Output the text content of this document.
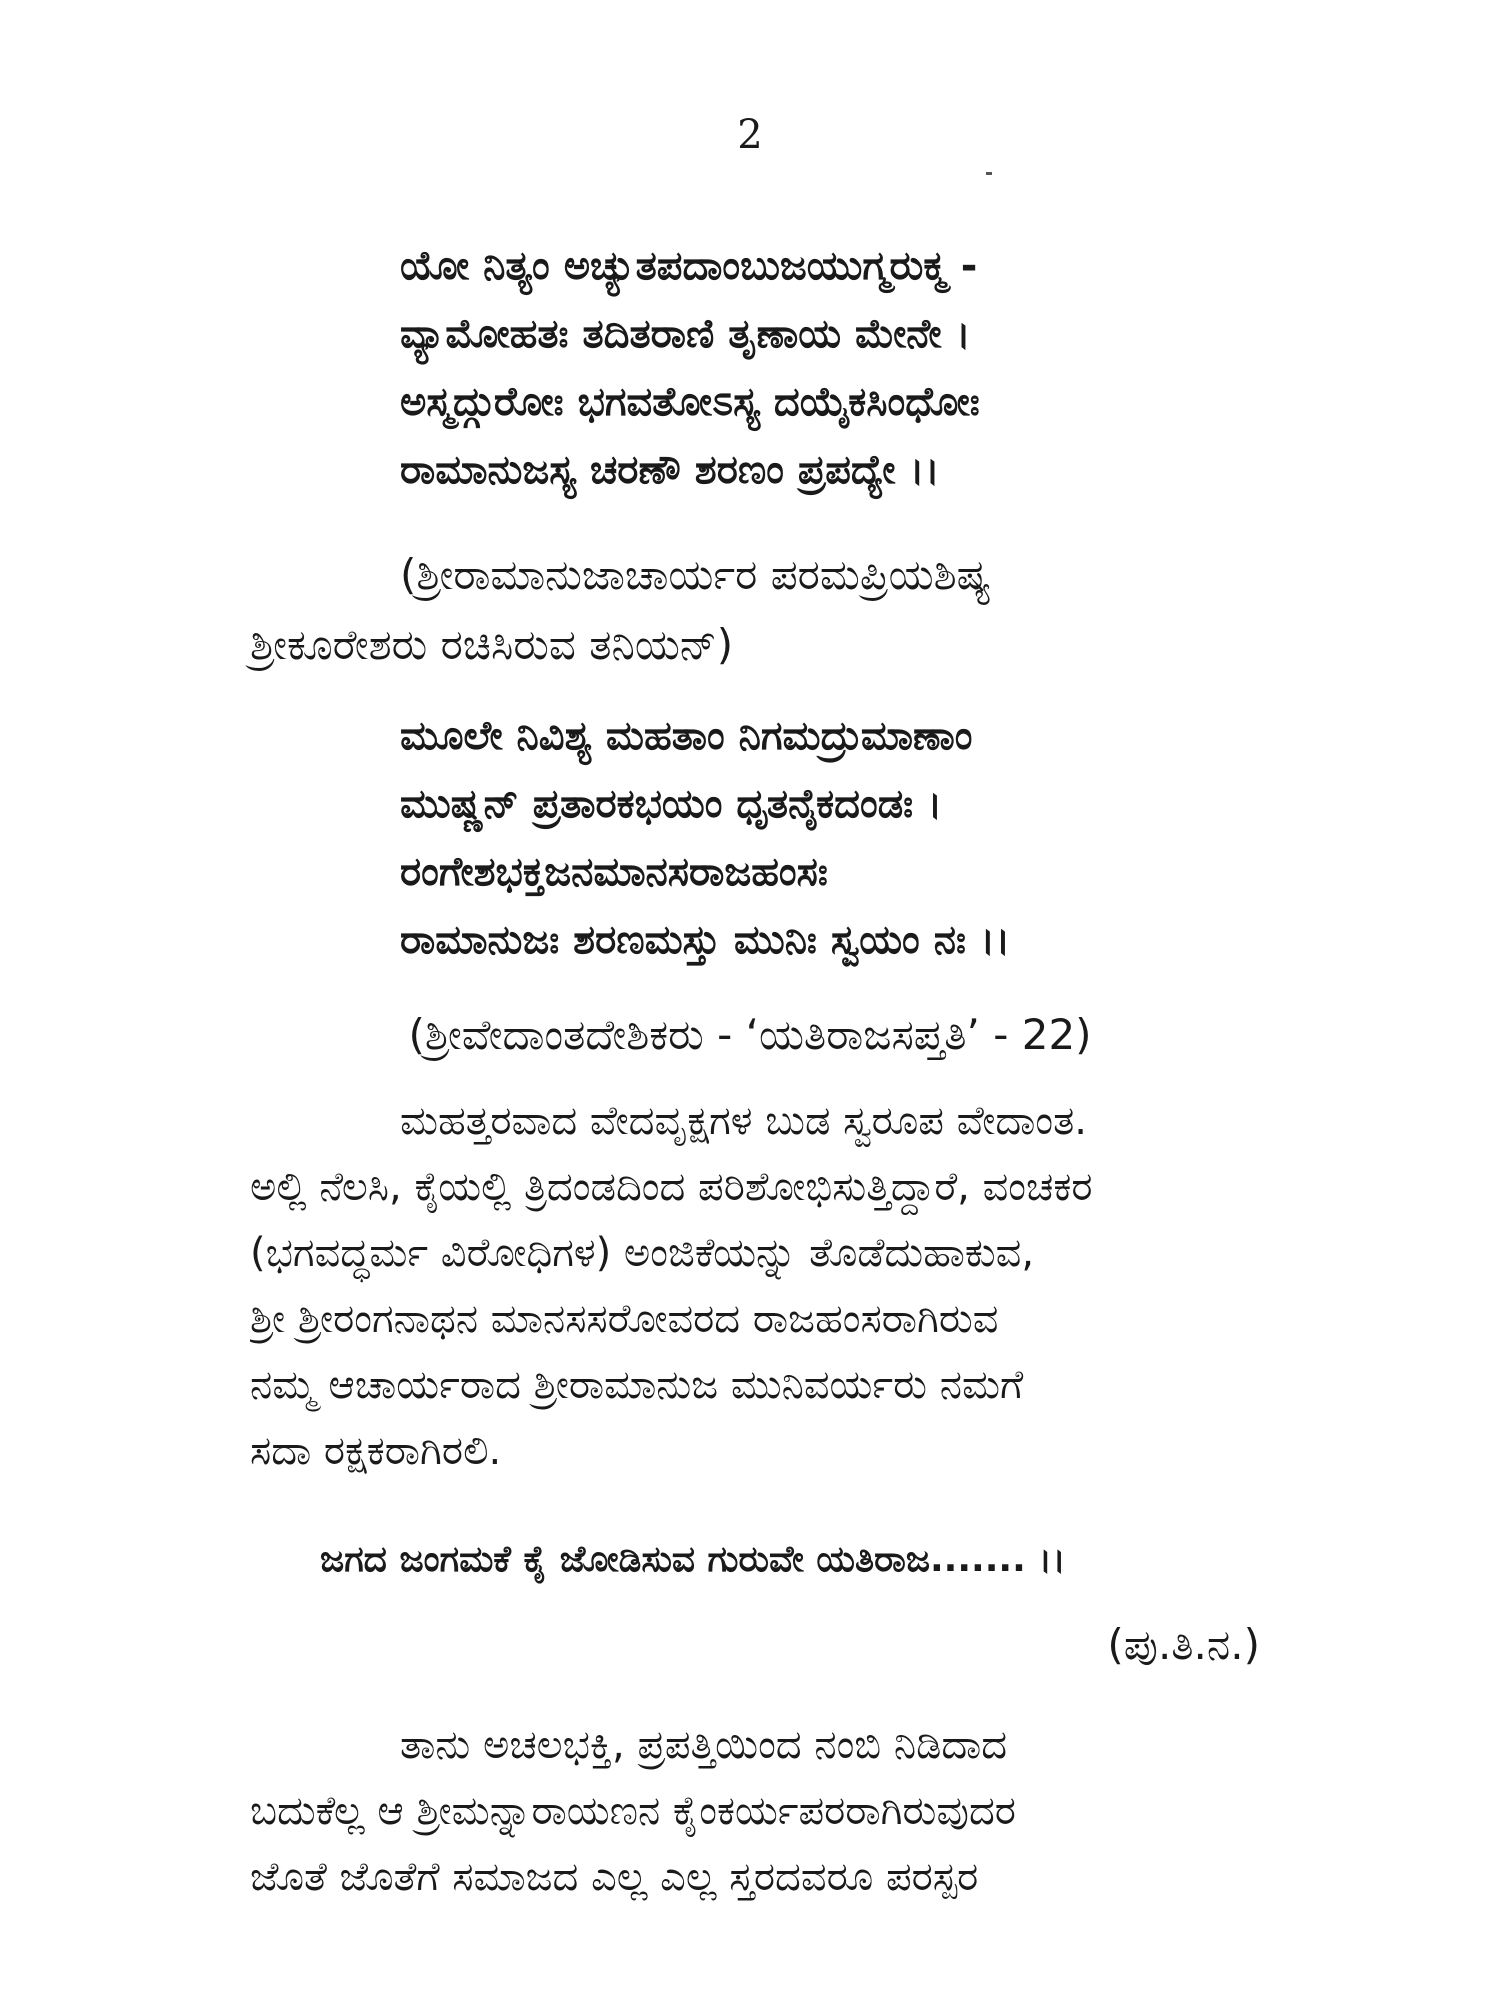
2
ಯೋ ನಿತ್ಯಂ ಅಚ್ಯುತಪದಾಂಬುಜಯುಗ್ಮರುಕ್ಮ -
ವ್ಯಾಮೋಹತಃ ತದಿತರಾಣಿ ತೃಣಾಯ ಮೇನೇ ।
ಅಸ್ಮದ್ಗುರೋಃ ಭಗವತೋಽಸ್ಯ ದಯೈಕಸಿಂಧೋಃ
ರಾಮಾನುಜಸ್ಯ ಚರಣೌ ಶರಣಂ ಪ್ರಪದ್ಯೇ ।।
(ಶ್ರೀರಾಮಾನುಜಾಚಾರ್ಯರ ಪರಮಪ್ರಿಯಶಿಷ್ಯ
ಶ್ರೀಕೂರೇಶರು ರಚಿಸಿರುವ ತನಿಯನ್)
ಮೂಲೇ ನಿವಿಶ್ಯ ಮಹತಾಂ ನಿಗಮದ್ರುಮಾಣಾಂ
ಮುಷ್ಣನ್ ಪ್ರತಾರಕಭಯಂ ಧೃತನೈಕದಂಡಃ ।
ರಂಗೇಶಭಕ್ತಜನಮಾನಸರಾಜಹಂಸಃ
ರಾಮಾನುಜಃ ಶರಣಮಸ್ತು ಮುನಿಃ ಸ್ವಯಂ ನಃ ।।
(ಶ್ರೀವೇದಾಂತದೇಶಿಕರು - ‘ಯತಿರಾಜಸಪ್ತತಿ’ - 22)
ಮಹತ್ತರವಾದ ವೇದವೃಕ್ಷಗಳ ಬುಡ ಸ್ವರೂಪ ವೇದಾಂತ.
ಅಲ್ಲಿ ನೆಲಸಿ, ಕೈಯಲ್ಲಿ ತ್ರಿದಂಡದಿಂದ ಪರಿಶೋಭಿಸುತ್ತಿದ್ದಾರೆ, ವಂಚಕರ
(ಭಗವದ್ಧರ್ಮ ವಿರೋಧಿಗಳ) ಅಂಜಿಕೆಯನ್ನು ತೊಡೆದುಹಾಕುವ,
ಶ್ರೀ ಶ್ರೀರಂಗನಾಥನ ಮಾನಸಸರೋವರದ ರಾಜಹಂಸರಾಗಿರುವ
ನಮ್ಮ ಆಚಾರ್ಯರಾದ ಶ್ರೀರಾಮಾನುಜ ಮುನಿವರ್ಯರು ನಮಗೆ
ಸದಾ ರಕ್ಷಕರಾಗಿರಲಿ.
ಜಗದ ಜಂಗಮಕೆ ಕೈ ಜೋಡಿಸುವ ಗುರುವೇ ಯತಿರಾಜ....... ।।
(ಪು.ತಿ.ನ.)
ತಾನು ಅಚಲಭಕ್ತಿ, ಪ್ರಪತ್ತಿಯಿಂದ ನಂಬಿ ನಿಡಿದಾದ
ಬದುಕೆಲ್ಲ ಆ ಶ್ರೀಮನ್ನಾರಾಯಣನ ಕೈಂಕರ್ಯಪರರಾಗಿರುವುದರ
ಜೊತೆ ಜೊತೆಗೆ ಸಮಾಜದ ಎಲ್ಲ ಎಲ್ಲ ಸ್ತರದವರೂ ಪರಸ್ಪರ
